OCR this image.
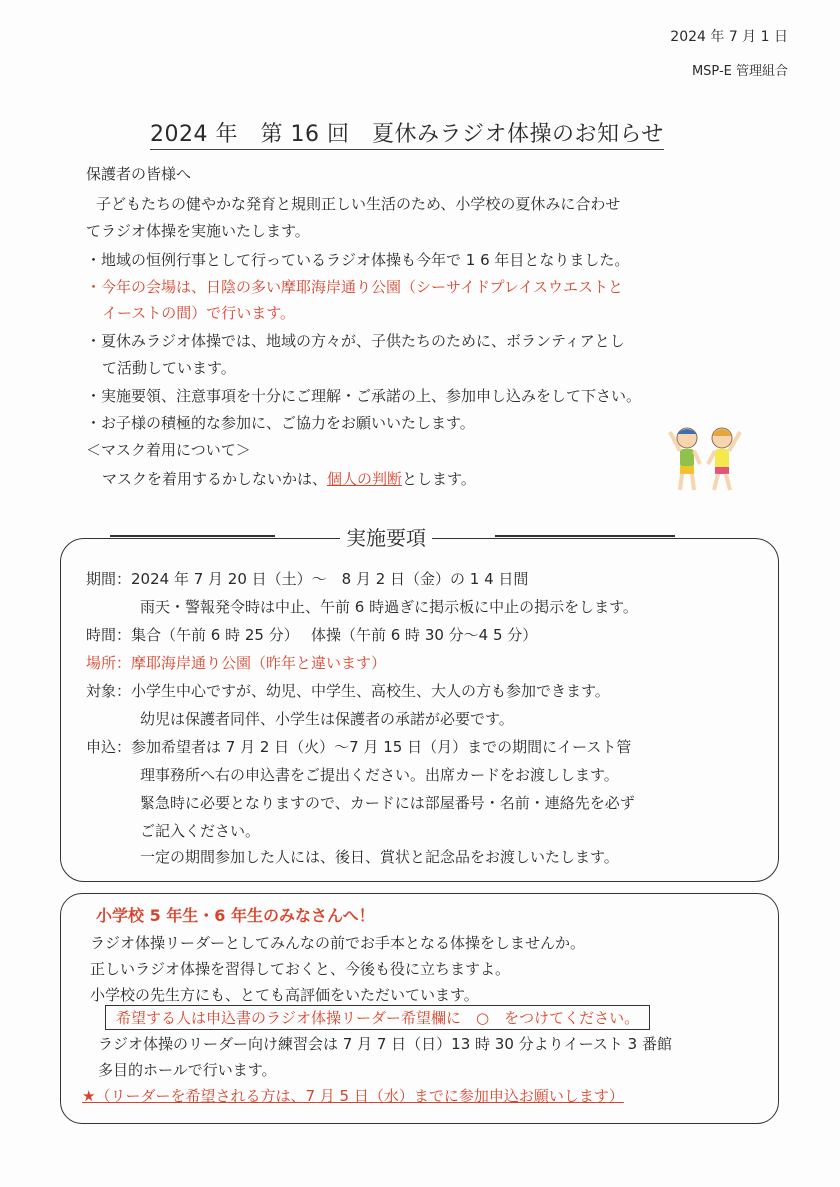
2024 年 7 月 1 日
MSP-E 管理組合
2024 年　第 16 回　夏休みラジオ体操のお知らせ
保護者の皆様へ
子どもたちの健やかな発育と規則正しい生活のため、小学校の夏休みに合わせ
てラジオ体操を実施いたします。
・地域の恒例行事として行っているラジオ体操も今年で 1 6 年目となりました。
・今年の会場は、日陰の多い摩耶海岸通り公園（シーサイドプレイスウエストと
イーストの間）で行います。
・夏休みラジオ体操では、地域の方々が、子供たちのために、ボランティアとし
て活動しています。
・実施要領、注意事項を十分にご理解・ご承諾の上、参加申し込みをして下さい。
・お子様の積極的な参加に、ご協力をお願いいたします。
＜マスク着用について＞
マスクを着用するかしないかは、個人の判断とします。
実施要項
期間：2024 年 7 月 20 日（土）～　8 月 2 日（金）の 1 4 日間
雨天・警報発令時は中止、午前 6 時過ぎに掲示板に中止の掲示をします。
時間：集合（午前 6 時 25 分）　 体操（午前 6 時 30 分～4 5 分）
場所：摩耶海岸通り公園（昨年と違います）
対象：小学生中心ですが、幼児、中学生、高校生、大人の方も参加できます。
幼児は保護者同伴、小学生は保護者の承諾が必要です。
申込：参加希望者は 7 月 2 日（火）～7 月 15 日（月）までの期間にイースト管
理事務所へ右の申込書をご提出ください。出席カードをお渡しします。
緊急時に必要となりますので、カードには部屋番号・名前・連絡先を必ず
ご記入ください。
一定の期間参加した人には、後日、賞状と記念品をお渡しいたします。
小学校 5 年生・6 年生のみなさんへ！
ラジオ体操リーダーとしてみんなの前でお手本となる体操をしませんか。
正しいラジオ体操を習得しておくと、今後も役に立ちますよ。
小学校の先生方にも、とても高評価をいただいています。
希望する人は申込書のラジオ体操リーダー希望欄に　○　をつけてください。
ラジオ体操のリーダー向け練習会は 7 月 7 日（日）13 時 30 分よりイースト 3 番館
多目的ホールで行います。
★（リーダーを希望される方は、7 月 5 日（水）までに参加申込お願いします）
